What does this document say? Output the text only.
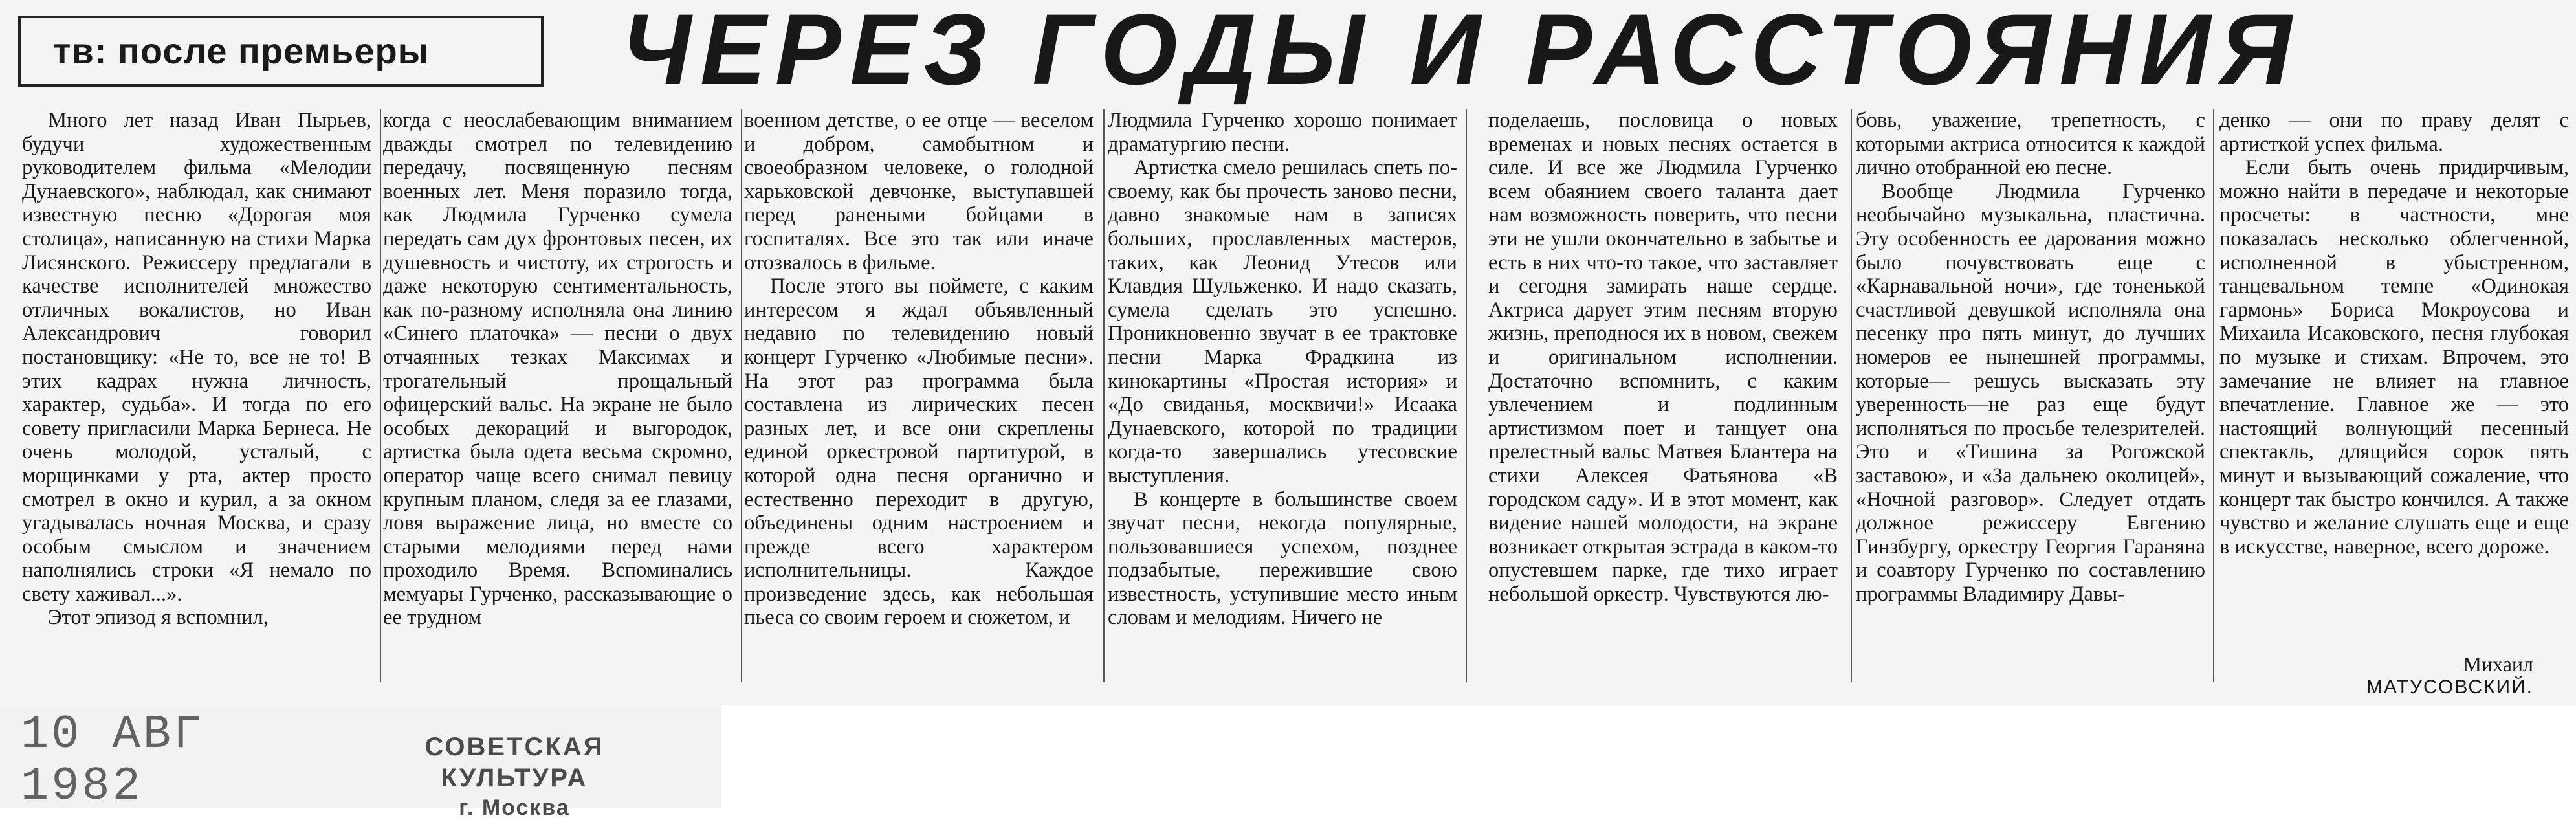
тв: после премьеры	ЧЕРЕЗ ГОДЫ И РАССТОЯНИЯ

Много лет назад Иван Пырьев, будучи художественным руководителем фильма «Мелодии Дунаевского», наблюдал, как снимают известную песню «Дорогая моя столица», написанную на стихи Марка Лисянского. Режиссеру предлагали в качестве исполнителей множество отличных вокалистов, но Иван Александрович говорил постановщику: «Не то, все не то! В этих кадрах нужна личность, характер, судьба». И тогда по его совету пригласили Марка Бернеса. Не очень молодой, усталый, с морщинками у рта, актер просто смотрел в окно и курил, а за окном угадывалась ночная Москва, и сразу особым смыслом и значением наполнялись строки «Я немало по свету хаживал...».

Этот эпизод я вспомнил,

когда с неослабевающим вниманием дважды смотрел по телевидению передачу, посвященную песням военных лет. Меня поразило тогда, как Людмила Гурченко сумела передать сам дух фронтовых песен, их душевность и чистоту, их строгость и даже некоторую сентиментальность, как по-разному исполняла она линию «Синего платочка» — песни о двух отчаянных тезках Максимах и трогательный прощальный офицерский вальс. На экране не было особых декораций и выгородок, артистка была одета весьма скромно, оператор чаще всего снимал певицу крупным планом, следя за ее глазами, ловя выражение лица, но вместе со старыми мелодиями перед нами проходило Время. Вспоминались мемуары Гурченко, рассказывающие о ее трудном

военном детстве, о ее отце — веселом и добром, самобытном и своеобразном человеке, о голодной харьковской девчонке, выступавшей перед ранеными бойцами в госпиталях. Все это так или иначе отозвалось в фильме.

После этого вы поймете, с каким интересом я ждал объявленный недавно по телевидению новый концерт Гурченко «Любимые песни». На этот раз программа была составлена из лирических песен разных лет, и все они скреплены единой оркестровой партитурой, в которой одна песня органично и естественно переходит в другую, объединены одним настроением и прежде всего характером исполнительницы. Каждое произведение здесь, как небольшая пьеса со своим героем и сюжетом, и

Людмила Гурченко хорошо понимает драматургию песни.

Артистка смело решилась спеть по-своему, как бы прочесть заново песни, давно знакомые нам в записях больших, прославленных мастеров, таких, как Леонид Утесов или Клавдия Шульженко. И надо сказать, сумела сделать это успешно. Проникновенно звучат в ее трактовке песни Марка Фрадкина из кинокартины «Простая история» и «До свиданья, москвичи!» Исаака Дунаевского, которой по традиции когда-то завершались утесовские выступления.

В концерте в большинстве своем звучат песни, некогда популярные, пользовавшиеся успехом, позднее подзабытые, пережившие свою известность, уступившие место иным словам и мелодиям. Ничего не

поделаешь, пословица о новых временах и новых песнях остается в силе. И все же Людмила Гурченко всем обаянием своего таланта дает нам возможность поверить, что песни эти не ушли окончательно в забытье и есть в них что-то такое, что заставляет и сегодня замирать наше сердце. Актриса дарует этим песням вторую жизнь, преподнося их в новом, свежем и оригинальном исполнении. Достаточно вспомнить, с каким увлечением и подлинным артистизмом поет и танцует она прелестный вальс Матвея Блантера на стихи Алексея Фатьянова «В городском саду». И в этот момент, как видение нашей молодости, на экране возникает открытая эстрада в каком-то опустевшем парке, где тихо играет небольшой оркестр. Чувствуются лю-

бовь, уважение, трепетность, с которыми актриса относится к каждой лично отобранной ею песне.

Вообще Людмила Гурченко необычайно музыкальна, пластична. Эту особенность ее дарования можно было почувствовать еще с «Карнавальной ночи», где тоненькой счастливой девушкой исполняла она песенку про пять минут, до лучших номеров ее нынешней программы, которые— решусь высказать эту уверенность—не раз еще будут исполняться по просьбе телезрителей. Это и «Тишина за Рогожской заставою», и «За дальнею околицей», «Ночной разговор». Следует отдать должное режиссеру Евгению Гинзбургу, оркестру Георгия Гараняна и соавтору Гурченко по составлению программы Владимиру Давы-

денко — они по праву делят с артисткой успех фильма.

Если быть очень придирчивым, можно найти в передаче и некоторые просчеты: в частности, мне показалась несколько облегченной, исполненной в убыстренном, танцевальном темпе «Одинокая гармонь» Бориса Мокроусова и Михаила Исаковского, песня глубокая по музыке и стихам. Впрочем, это замечание не влияет на главное впечатление. Главное же — это настоящий волнующий песенный спектакль, длящийся сорок пять минут и вызывающий сожаление, что концерт так быстро кончился. А также чувство и желание слушать еще и еще в искусстве, наверное, всего дороже.

Михаил
МАТУСОВСКИЙ.
10 АВГ 1982
СОВЕТСКАЯ КУЛЬТУРА
г. Москва
